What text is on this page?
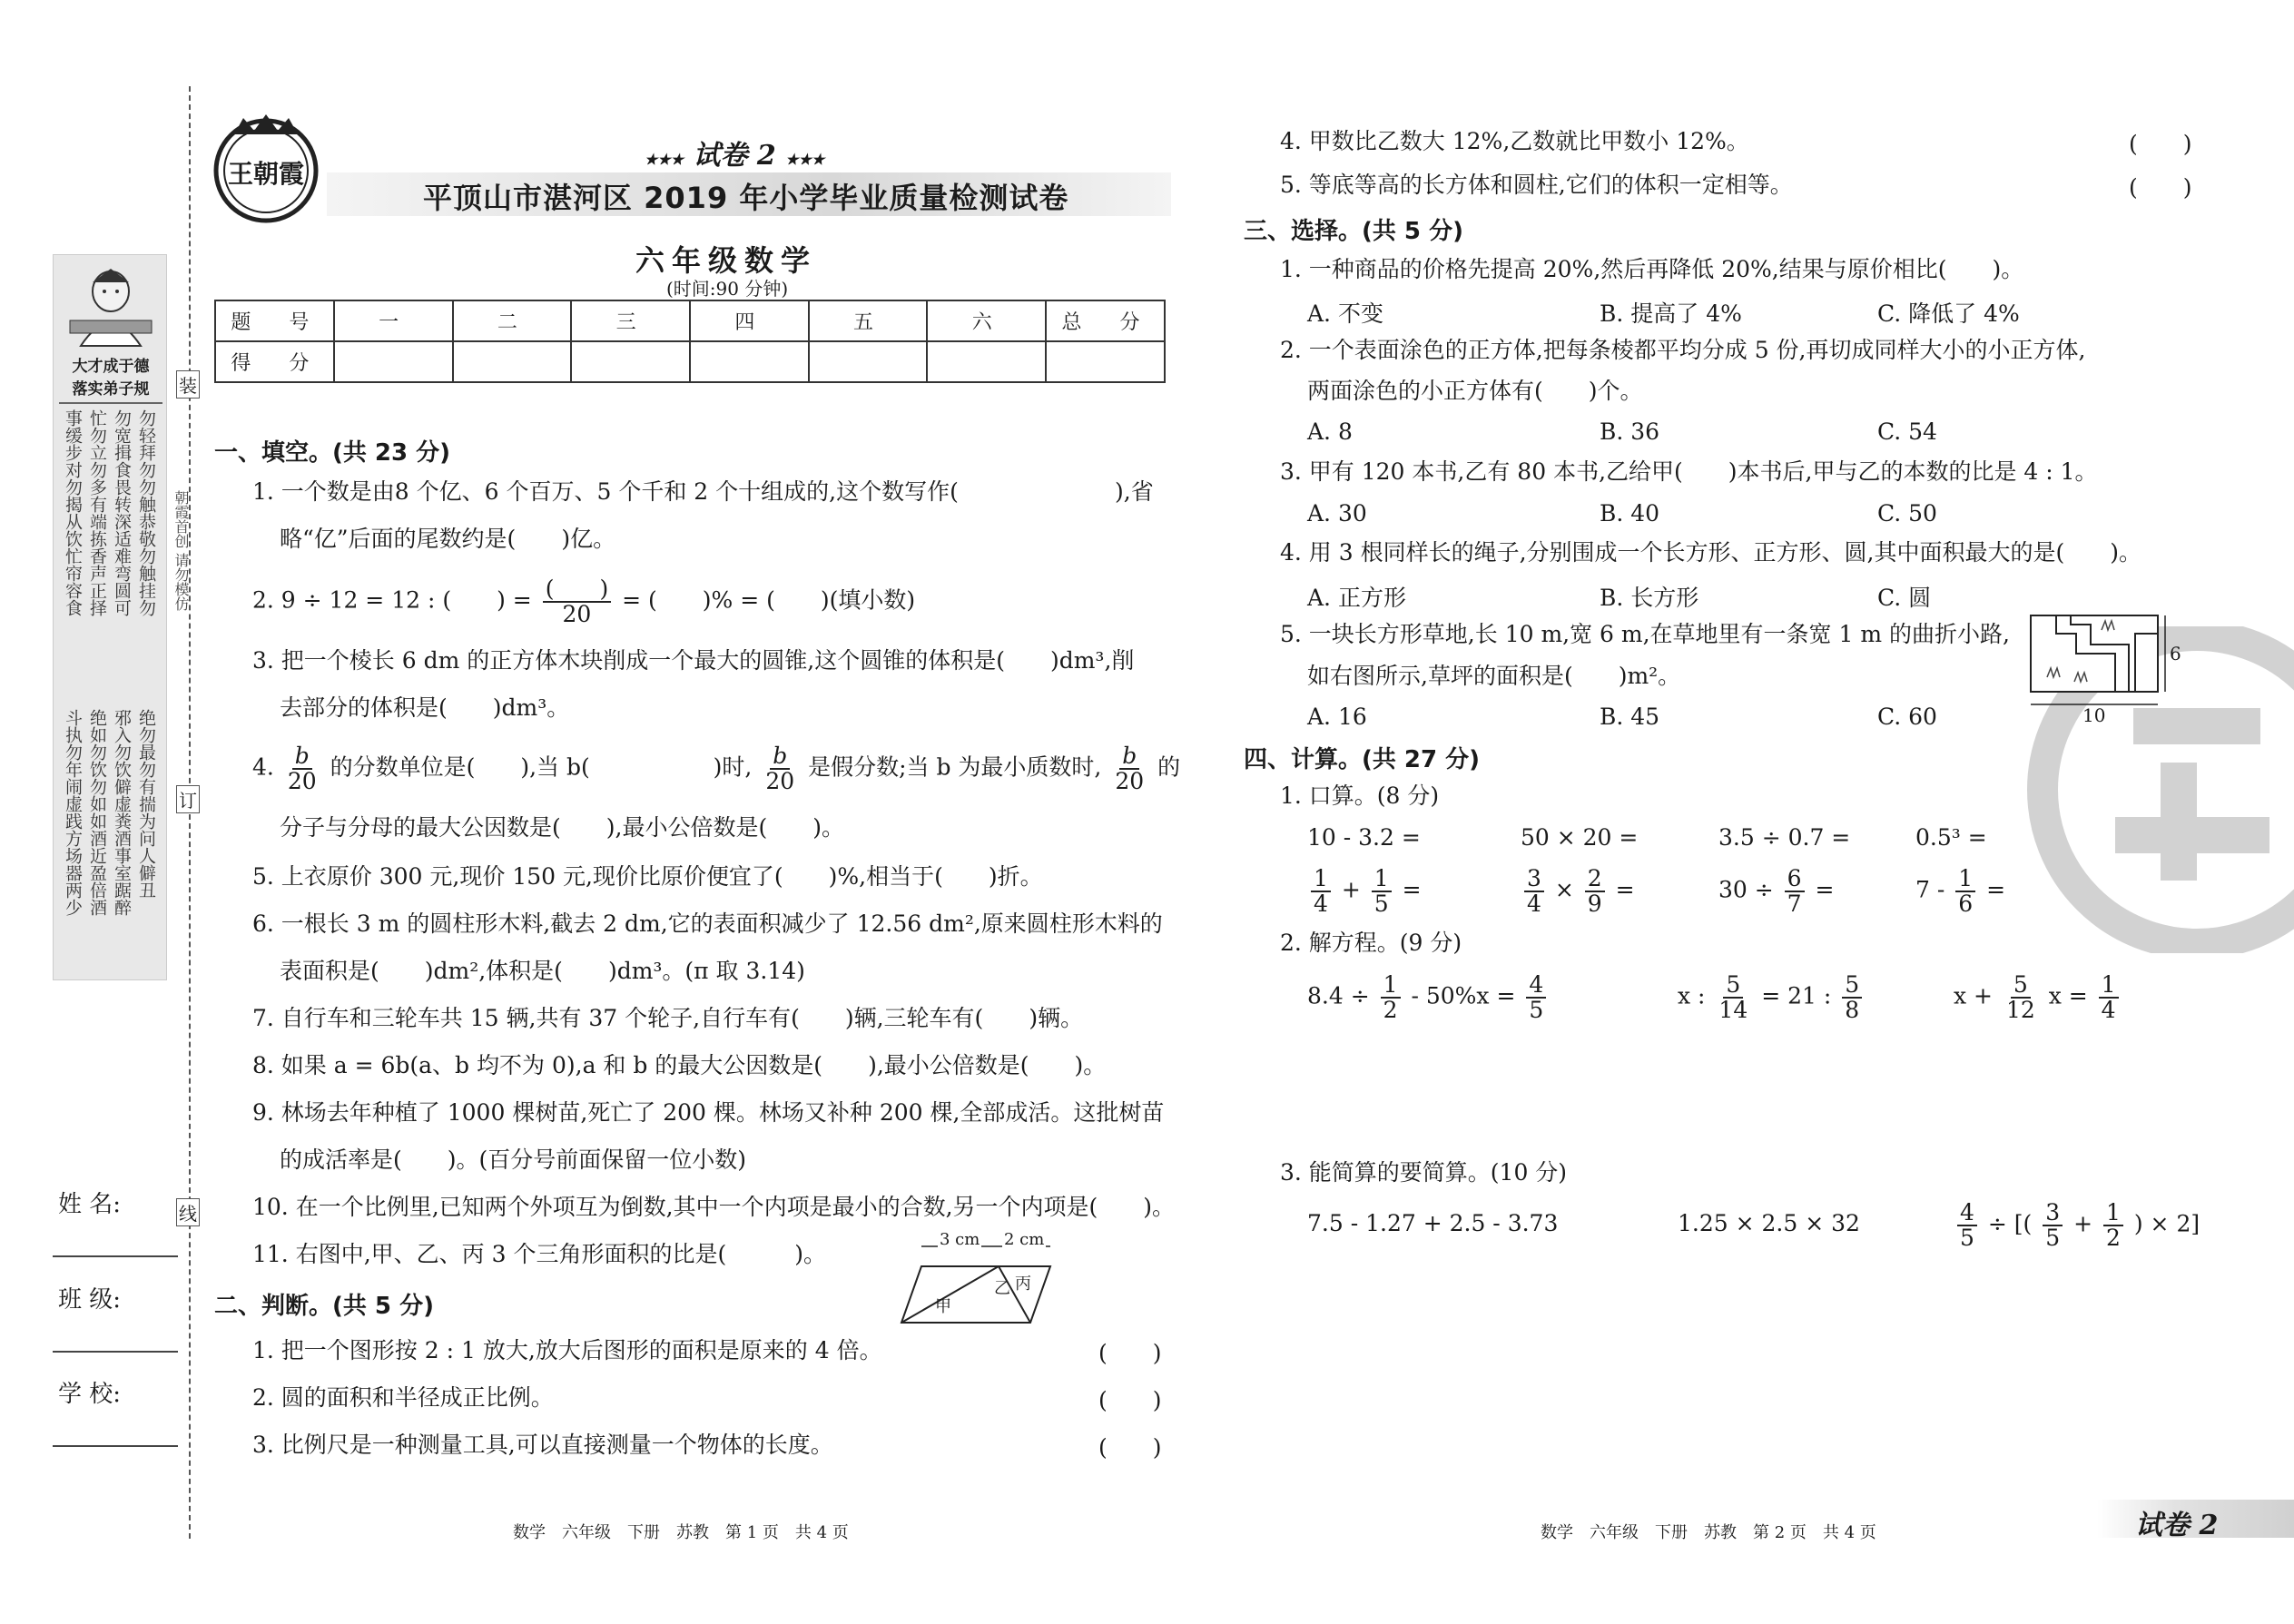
大才成于德
落实弟子规
事缓步对勿揭从饮忙帘容食 忙勿立勿多有端拣香声正择 勿宽揖食畏转深适难弯圆可 勿轻拜勿勿触恭敬勿触挂勿
斗执勿年闹虚践方场器两少 绝如勿饮勿如如酒近盈倍酒 邪入勿饮僻虚粪酒事室踞醉 绝勿最勿有揣为问人僻丑
装
订
线
朝霞首创 请勿模仿
姓 名:
班 级:
学 校:
王朝霞	★★★ 试卷 2 ★★★
平顶山市湛河区 2019 年小学毕业质量检测试卷
六年级数学
(时间:90 分钟)
题　号	一	二	三	四	五	六	总　分
得　分							
一、填空。(共 23 分)
1. 一个数是由8 个亿、6 个百万、5 个千和 2 个十组成的,这个数写作(	),省
略“亿”后面的尾数约是(　　)亿。
2. 9 ÷ 12 = 12 : (　　) = $\frac{( )}{20}$ = (　　)% = (　　)(填小数)
3. 把一个棱长 6 dm 的正方体木块削成一个最大的圆锥,这个圆锥的体积是(　　)dm³,削
去部分的体积是(　　)dm³。
4. $\frac{b}{20}$ 的分数单位是(　　),当 b(	)时, $\frac{b}{20}$ 是假分数;当 b 为最小质数时, $\frac{b}{20}$ 的
分子与分母的最大公因数是(　　),最小公倍数是(　　)。
5. 上衣原价 300 元,现价 150 元,现价比原价便宜了(　　)%,相当于(　　)折。
6. 一根长 3 m 的圆柱形木料,截去 2 dm,它的表面积减少了 12.56 dm²,原来圆柱形木料的
表面积是(　　)dm²,体积是(　　)dm³。(π 取 3.14)
7. 自行车和三轮车共 15 辆,共有 37 个轮子,自行车有(　　)辆,三轮车有(　　)辆。
8. 如果 a = 6b(a、b 均不为 0),a 和 b 的最大公因数是(　　),最小公倍数是(　　)。
9. 林场去年种植了 1000 棵树苗,死亡了 200 棵。林场又补种 200 棵,全部成活。这批树苗
的成活率是(　　)。(百分号前面保留一位小数)
10. 在一个比例里,已知两个外项互为倒数,其中一个内项是最小的合数,另一个内项是(　　)。
11. 右图中,甲、乙、丙 3 个三角形面积的比是(　　　)。
3 cm 2 cm
甲
乙 丙
二、判断。(共 5 分)
1. 把一个图形按 2 : 1 放大,放大后图形的面积是原来的 4 倍。	(　　)
2. 圆的面积和半径成正比例。	(　　)
3. 比例尺是一种测量工具,可以直接测量一个物体的长度。	(　　)
数学　六年级　下册　苏教　第 1 页　共 4 页
4. 甲数比乙数大 12%,乙数就比甲数小 12%。	(　　)
5. 等底等高的长方体和圆柱,它们的体积一定相等。	(　　)
三、选择。(共 5 分)
1. 一种商品的价格先提高 20%,然后再降低 20%,结果与原价相比(　　)。
A. 不变	B. 提高了 4%	C. 降低了 4%
2. 一个表面涂色的正方体,把每条棱都平均分成 5 份,再切成同样大小的小正方体,
两面涂色的小正方体有(　　)个。
A. 8	B. 36	C. 54
3. 甲有 120 本书,乙有 80 本书,乙给甲(　　)本书后,甲与乙的本数的比是 4 : 1。
A. 30	B. 40	C. 50
4. 用 3 根同样长的绳子,分别围成一个长方形、正方形、圆,其中面积最大的是(　　)。
A. 正方形	B. 长方形	C. 圆
5. 一块长方形草地,长 10 m,宽 6 m,在草地里有一条宽 1 m 的曲折小路,
如右图所示,草坪的面积是(　　)m²。
A. 16	B. 45	C. 60
6
10
四、计算。(共 27 分)
1. 口算。(8 分)
10 - 3.2 =	50 × 20 =	3.5 ÷ 0.7 =	0.5³ =
$\frac{1}{4} + \frac{1}{5}$ =	$\frac{3}{4} \times \frac{2}{9}$ =	$30 \div \frac{6}{7}$ =	$7 - \frac{1}{6}$ =
2. 解方程。(9 分)
$8.4 \div \frac{1}{2} - 50\%x = \frac{4}{5}$	x : $\frac{5}{14} = 21$ : $\frac{5}{8}$	$x + \frac{5}{12}$ $x = \frac{1}{4}$
3. 能简算的要简算。(10 分)
7.5 - 1.27 + 2.5 - 3.73	1.25 × 2.5 × 32	$\frac{4}{5}$ ÷ [( $\frac{3}{5} + \frac{1}{2}$ ) × 2]
数学　六年级　下册　苏教　第 2 页　共 4 页	试卷 2
